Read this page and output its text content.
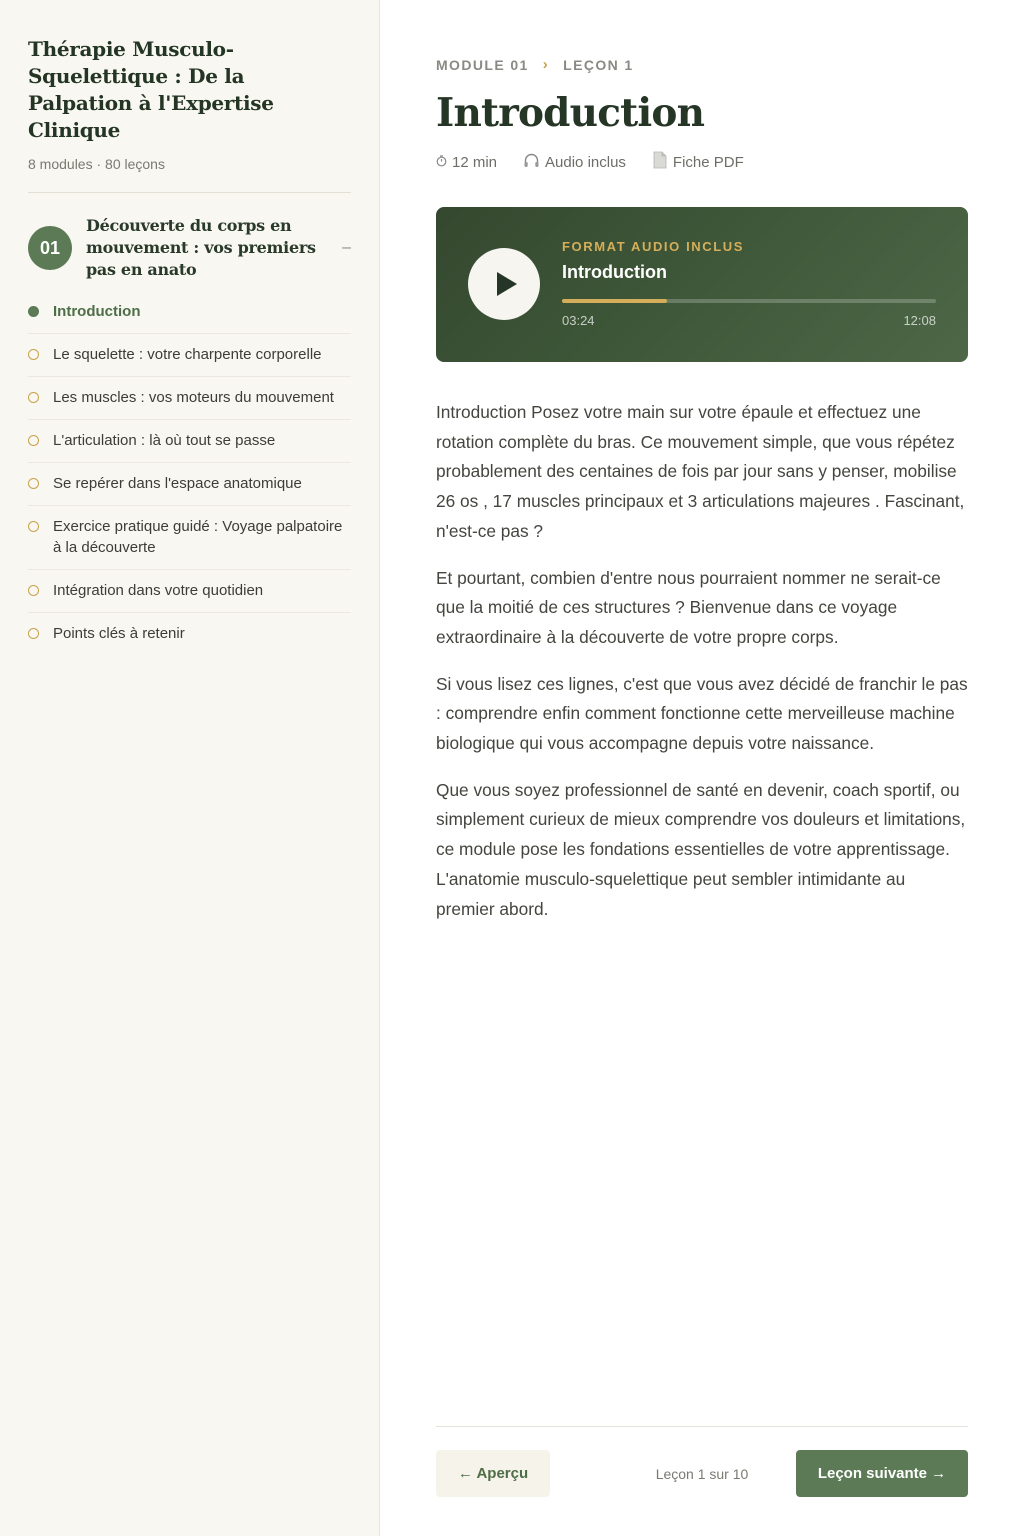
Thérapie Musculo-Squelettique : De la Palpation à l'Expertise Clinique
8 modules · 80 leçons
01
Découverte du corps en mouvement : vos premiers pas en anato
–
Introduction
Le squelette : votre charpente corporelle
Les muscles : vos moteurs du mouvement
L'articulation : là où tout se passe
Se repérer dans l'espace anatomique
Exercice pratique guidé : Voyage palpatoire à la découverte
Intégration dans votre quotidien
Points clés à retenir
MODULE 01 › LEÇON 1
Introduction
12 min	Audio inclus	Fiche PDF
FORMAT AUDIO INCLUS
Introduction
03:24	12:08

Introduction Posez votre main sur votre épaule et effectuez une rotation complète du bras. Ce mouvement simple, que vous répétez probablement des centaines de fois par jour sans y penser, mobilise 26 os , 17 muscles principaux et 3 articulations majeures . Fascinant, n'est-ce pas ?

Et pourtant, combien d'entre nous pourraient nommer ne serait-ce que la moitié de ces structures ? Bienvenue dans ce voyage extraordinaire à la découverte de votre propre corps.

Si vous lisez ces lignes, c'est que vous avez décidé de franchir le pas : comprendre enfin comment fonctionne cette merveilleuse machine biologique qui vous accompagne depuis votre naissance.

Que vous soyez professionnel de santé en devenir, coach sportif, ou simplement curieux de mieux comprendre vos douleurs et limitations, ce module pose les fondations essentielles de votre apprentissage. L'anatomie musculo-squelettique peut sembler intimidante au premier abord.

← Aperçu	Leçon 1 sur 10	Leçon suivante →
